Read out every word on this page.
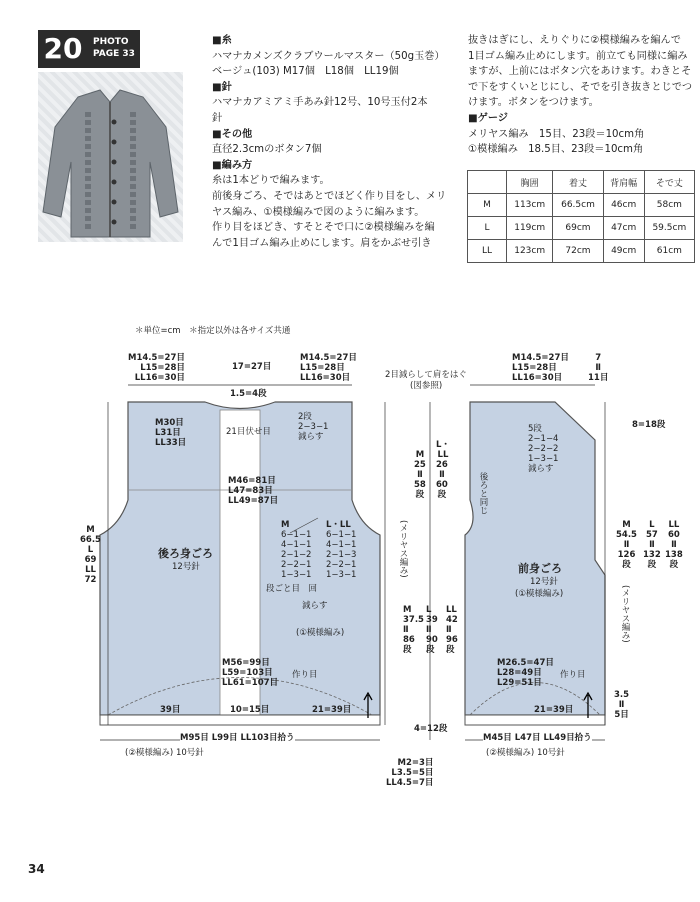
20	PHOTO
PAGE 33
■糸
ハマナカメンズクラブウールマスター（50g玉巻）
ベージュ(103) M17個　L18個　LL19個
■針
ハマナカアミアミ手あみ針12号、10号玉付2本
針
■その他
直径2.3cmのボタン7個
■編み方
糸は1本どりで編みます。
前後身ごろ、そではあとでほどく作り目をし、メリ
ヤス編み、①模様編みで図のように編みます。
作り目をほどき、すそとそで口に②模様編みを編
んで1目ゴム編み止めにします。肩をかぶせ引き
抜きはぎにし、えりぐりに②模様編みを編んで
1目ゴム編み止めにします。前立ても同様に編み
ますが、上前にはボタン穴をあけます。わきとそ
で下をすくいとじにし、そでを引き抜きとじでつ
けます。ボタンをつけます。
■ゲージ
メリヤス編み　15目、23段＝10cm角
①模様編み　18.5目、23段＝10cm角
	胸囲	着丈	背肩幅	そで丈
M	113cm	66.5cm	46cm	58cm
L	119cm	69cm	47cm	59.5cm
LL	123cm	72cm	49cm	61cm
＊単位=cm　＊指定以外は各サイズ共通
M14.5=27目
L15=28目
LL16=30目
17=27目
M14.5=27目
L15=28目
LL16=30目	2目減らして肩をはぐ
(図参照)
1.5=4段
M30目
L31目
LL33目
21目伏せ目
2段
2−3−1
減らす
M46=81目
L47=83目
LL49=87目
M
66.5
L
69
LL
72
後ろ身ごろ
12号針
M
6−1−1
4−1−1
2−1−2
2−2−1
1−3−1
L・LL
6−1−1
4−1−1
2−1−3
2−2−1
1−3−1
段ごと目　回
減らす
(①模様編み)
(メリヤス編み)
M56=99目
L59=103目
LL61=107目
作り目
39目	10=15目	21=39目
M95目 L99目 LL103目拾う
(②模様編み) 10号針
L・
LL
M
25
Ⅱ
58
段
26
Ⅱ
60
段
M
37.5
Ⅱ
86
段
L
39
Ⅱ
90
段
LL
42
Ⅱ
96
段
4=12段
M2=3目
L3.5=5目
LL4.5=7目
M14.5=27目
L15=28目
LL16=30目
7
Ⅱ
11目
8=18段
5段
2−1−4
2−2−2
1−3−1
減らす
後ろと同じ
前身ごろ
12号針
(①模様編み)	(メリヤス編み)
M
54.5
Ⅱ
126
段
L
57
Ⅱ
132
段
LL
60
Ⅱ
138
段
M26.5=47目
L28=49目
L29=51目
作り目
21=39目
3.5
Ⅱ
5目
M45目 L47目 LL49目拾う
(②模様編み) 10号針
34
